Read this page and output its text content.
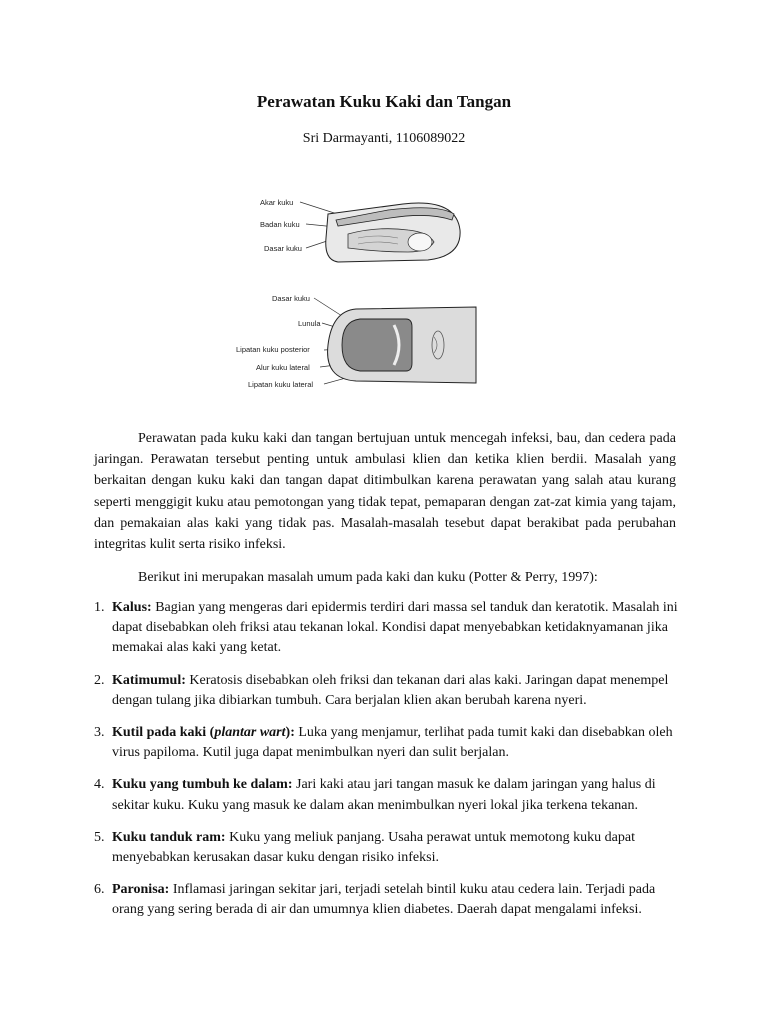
Perawatan Kuku Kaki dan Tangan
Sri Darmayanti, 1106089022
Akar kuku
Badan kuku
Dasar kuku
Dasar kuku
Lunula
Lipatan kuku posterior
Alur kuku lateral
Lipatan kuku lateral

Perawatan pada kuku kaki dan tangan bertujuan untuk mencegah infeksi, bau, dan cedera pada jaringan. Perawatan tersebut penting untuk ambulasi klien dan ketika klien berdii. Masalah yang berkaitan dengan kuku kaki dan tangan dapat ditimbulkan karena perawatan yang salah atau kurang seperti menggigit kuku atau pemotongan yang tidak tepat, pemaparan dengan zat-zat kimia yang tajam, dan pemakaian alas kaki yang tidak pas. Masalah-masalah tesebut dapat berakibat pada perubahan integritas kulit serta risiko infeksi.

Berikut ini merupakan masalah umum pada kaki dan kuku (Potter & Perry, 1997):

1. Kalus: Bagian yang mengeras dari epidermis terdiri dari massa sel tanduk dan keratotik. Masalah ini dapat disebabkan oleh friksi atau tekanan lokal. Kondisi dapat menyebabkan ketidaknyamanan jika memakai alas kaki yang ketat.
2. Katimumul: Keratosis disebabkan oleh friksi dan tekanan dari alas kaki. Jaringan dapat menempel dengan tulang jika dibiarkan tumbuh. Cara berjalan klien akan berubah karena nyeri.
3. Kutil pada kaki (plantar wart): Luka yang menjamur, terlihat pada tumit kaki dan disebabkan oleh virus papiloma. Kutil juga dapat menimbulkan nyeri dan sulit berjalan.
4. Kuku yang tumbuh ke dalam: Jari kaki atau jari tangan masuk ke dalam jaringan yang halus di sekitar kuku. Kuku yang masuk ke dalam akan menimbulkan nyeri lokal jika terkena tekanan.
5. Kuku tanduk ram: Kuku yang meliuk panjang. Usaha perawat untuk memotong kuku dapat menyebabkan kerusakan dasar kuku dengan risiko infeksi.
6. Paronisa: Inflamasi jaringan sekitar jari, terjadi setelah bintil kuku atau cedera lain. Terjadi pada orang yang sering berada di air dan umumnya klien diabetes. Daerah dapat mengalami infeksi.
